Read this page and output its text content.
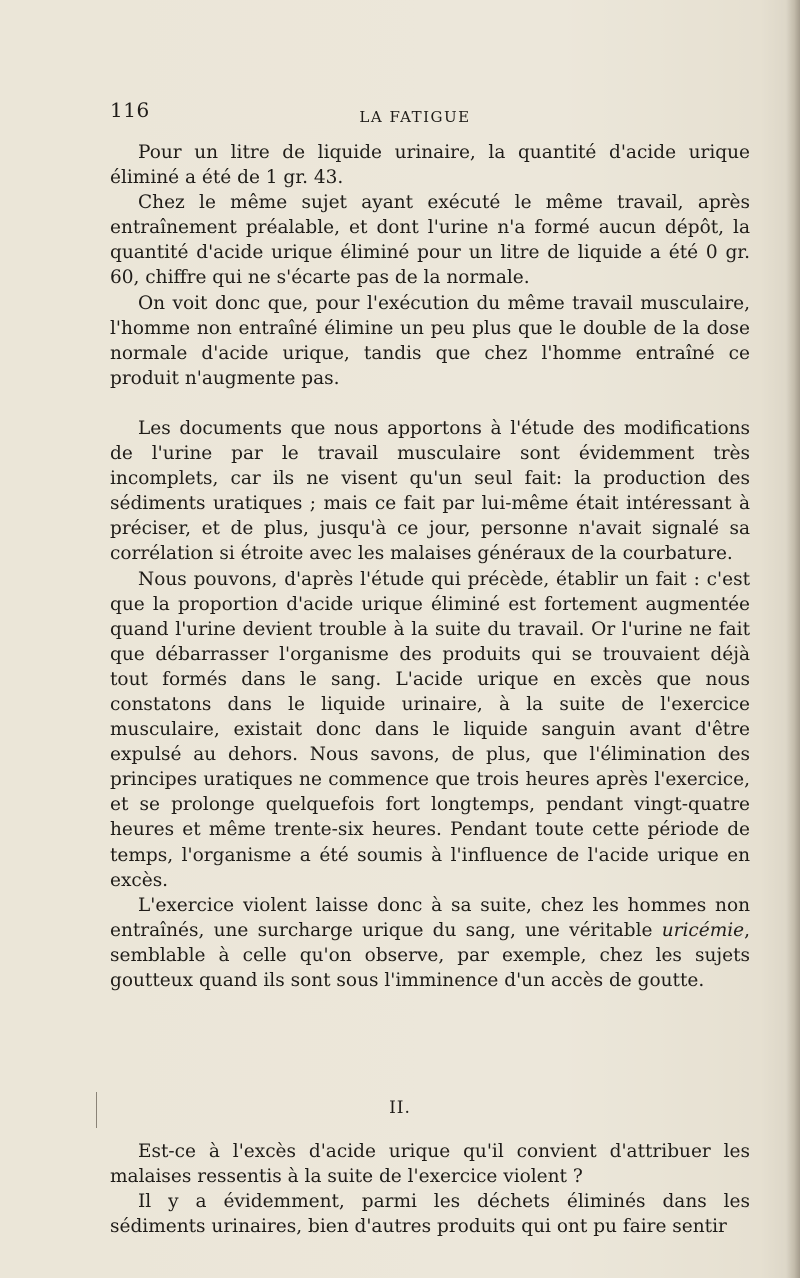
116	LA FATIGUE

Pour un litre de liquide urinaire, la quantité d'acide urique éliminé a été de 1 gr. 43.

Chez le même sujet ayant exécuté le même travail, après entraînement préalable, et dont l'urine n'a formé aucun dépôt, la quantité d'acide urique éliminé pour un litre de liquide a été 0 gr. 60, chiffre qui ne s'écarte pas de la normale.

On voit donc que, pour l'exécution du même travail musculaire, l'homme non entraîné élimine un peu plus que le double de la dose normale d'acide urique, tandis que chez l'homme entraîné ce produit n'augmente pas.

Les documents que nous apportons à l'étude des modifications de l'urine par le travail musculaire sont évidemment très incomplets, car ils ne visent qu'un seul fait: la production des sédiments uratiques ; mais ce fait par lui-même était intéressant à préciser, et de plus, jusqu'à ce jour, personne n'avait signalé sa corrélation si étroite avec les malaises généraux de la courbature.

Nous pouvons, d'après l'étude qui précède, établir un fait : c'est que la proportion d'acide urique éliminé est fortement augmentée quand l'urine devient trouble à la suite du travail. Or l'urine ne fait que débarrasser l'organisme des produits qui se trouvaient déjà tout formés dans le sang. L'acide urique en excès que nous constatons dans le liquide urinaire, à la suite de l'exercice musculaire, existait donc dans le liquide sanguin avant d'être expulsé au dehors. Nous savons, de plus, que l'élimination des principes uratiques ne commence que trois heures après l'exercice, et se prolonge quelquefois fort longtemps, pendant vingt-quatre heures et même trente-six heures. Pendant toute cette période de temps, l'organisme a été soumis à l'influence de l'acide urique en excès.

L'exercice violent laisse donc à sa suite, chez les hommes non entraînés, une surcharge urique du sang, une véritable uricémie, semblable à celle qu'on observe, par exemple, chez les sujets goutteux quand ils sont sous l'imminence d'un accès de goutte.

II.

Est-ce à l'excès d'acide urique qu'il convient d'attribuer les malaises ressentis à la suite de l'exercice violent ?

Il y a évidemment, parmi les déchets éliminés dans les sédiments urinaires, bien d'autres produits qui ont pu faire sentir
